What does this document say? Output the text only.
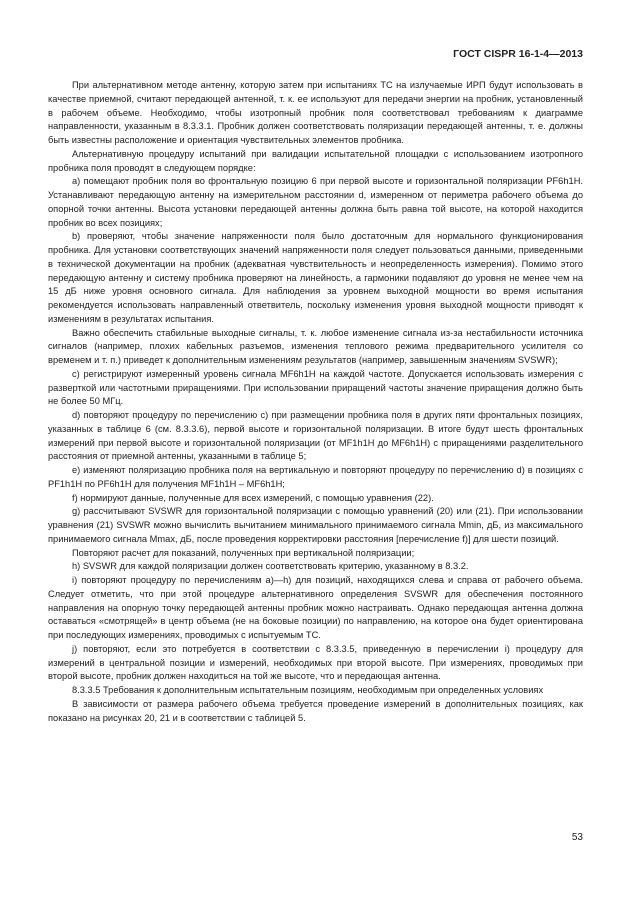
ГОСТ CISPR 16-1-4—2013

При альтернативном методе антенну, которую затем при испытаниях ТС на излучаемые ИРП будут использовать в качестве приемной, считают передающей антенной, т. к. ее используют для передачи энергии на пробник, установленный в рабочем объеме. Необходимо, чтобы изотропный пробник поля соответствовал требованиям к диаграмме направленности, указанным в 8.3.3.1. Пробник должен соответствовать поляризации передающей антенны, т. е. должны быть известны расположение и ориентация чувствительных элементов пробника.

Альтернативную процедуру испытаний при валидации испытательной площадки с использованием изотропного пробника поля проводят в следующем порядке:

a) помещают пробник поля во фронтальную позицию 6 при первой высоте и горизонтальной поляризации PF6h1H. Устанавливают передающую антенну на измерительном расстоянии d, измеренном от периметра рабочего объема до опорной точки антенны. Высота установки передающей антенны должна быть равна той высоте, на которой находится пробник во всех позициях;

b) проверяют, чтобы значение напряженности поля было достаточным для нормального функционирования пробника. Для установки соответствующих значений напряженности поля следует пользоваться данными, приведенными в технической документации на пробник (адекватная чувствительность и неопределенность измерения). Помимо этого передающую антенну и систему пробника проверяют на линейность, а гармоники подавляют до уровня не менее чем на 15 дБ ниже уровня основного сигнала. Для наблюдения за уровнем выходной мощности во время испытания рекомендуется использовать направленный ответвитель, поскольку изменения уровня выходной мощности приводят к изменениям в результатах испытания.

Важно обеспечить стабильные выходные сигналы, т. к. любое изменение сигнала из-за нестабильности источника сигналов (например, плохих кабельных разъемов, изменения теплового режима предварительного усилителя со временем и т. п.) приведет к дополнительным изменениям результатов (например, завышенным значениям SVSWR);

c) регистрируют измеренный уровень сигнала MF6h1H на каждой частоте. Допускается использовать измерения с разверткой или частотными приращениями. При использовании приращений частоты значение приращения должно быть не более 50 МГц.

d) повторяют процедуру по перечислению c) при размещении пробника поля в других пяти фронтальных позициях, указанных в таблице 6 (см. 8.3.3.6), первой высоте и горизонтальной поляризации. В итоге будут шесть фронтальных измерений при первой высоте и горизонтальной поляризации (от MF1h1H до MF6h1H) с приращениями разделительного расстояния от приемной антенны, указанными в таблице 5;

e) изменяют поляризацию пробника поля на вертикальную и повторяют процедуру по перечислению d) в позициях с PF1h1H по PF6h1H для получения MF1h1H – MF6h1H;

f) нормируют данные, полученные для всех измерений, с помощью уравнения (22).

g) рассчитывают SVSWR для горизонтальной поляризации с помощью уравнений (20) или (21). При использовании уравнения (21) SVSWR можно вычислить вычитанием минимального принимаемого сигнала Mmin, дБ, из максимального принимаемого сигнала Mmax, дБ, после проведения корректировки расстояния [перечисление f)] для шести позиций.

Повторяют расчет для показаний, полученных при вертикальной поляризации;

h) SVSWR для каждой поляризации должен соответствовать критерию, указанному в 8.3.2.

i) повторяют процедуру по перечислениям a)—h) для позиций, находящихся слева и справа от рабочего объема. Следует отметить, что при этой процедуре альтернативного определения SVSWR для обеспечения постоянного направления на опорную точку передающей антенны пробник можно настраивать. Однако передающая антенна должна оставаться «смотрящей» в центр объема (не на боковые позиции) по направлению, на которое она будет ориентирована при последующих измерениях, проводимых с испытуемым ТС.

j) повторяют, если это потребуется в соответствии с 8.3.3.5, приведенную в перечислении i) процедуру для измерений в центральной позиции и измерений, необходимых при второй высоте. При измерениях, проводимых при второй высоте, пробник должен находиться на той же высоте, что и передающая антенна.

8.3.3.5 Требования к дополнительным испытательным позициям, необходимым при определенных условиях

В зависимости от размера рабочего объема требуется проведение измерений в дополнительных позициях, как показано на рисунках 20, 21 и в соответствии с таблицей 5.

53
